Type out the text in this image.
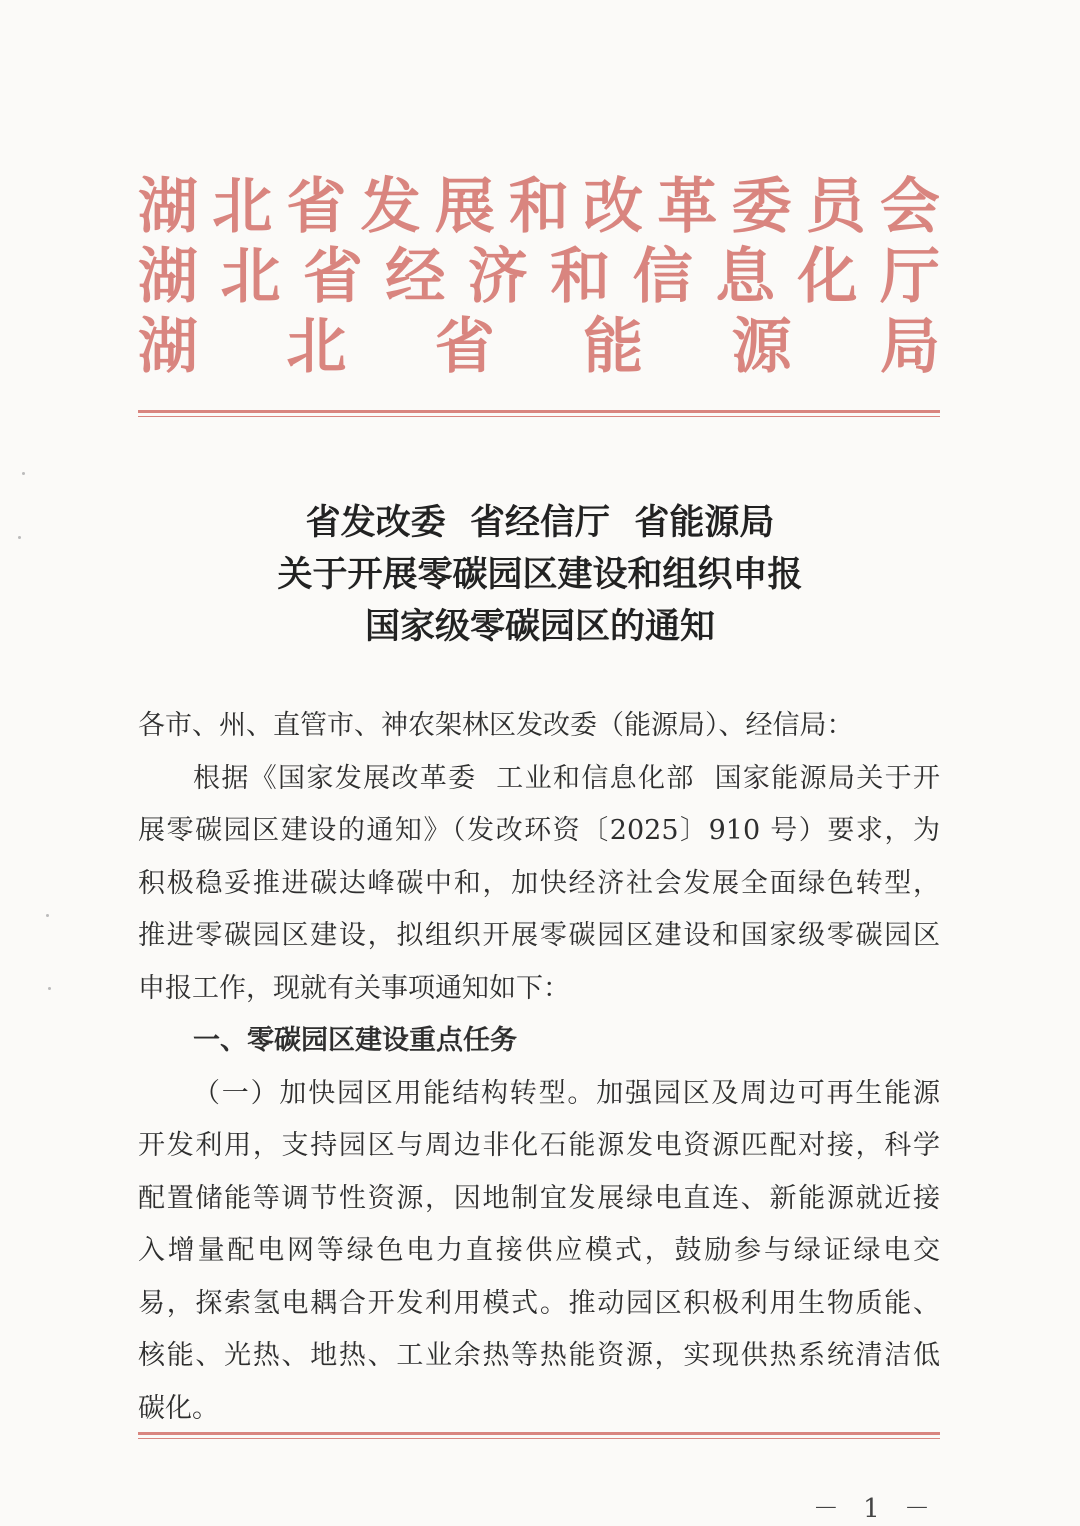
湖 北 省 发 展 和 改 革 委 员 会
湖 北 省 经 济 和 信 息 化 厅
湖 北 省 能 源 局
省发改委  省经信厅  省能源局
关于开展零碳园区建设和组织申报
国家级零碳园区的通知
各市、州、直管市、神农架林区发改委（能源局）、经信局：
根据《国家发展改革委  工业和信息化部  国家能源局关于开
展零碳园区建设的通知》（发改环资〔2025〕910 号）要求，为
积极稳妥推进碳达峰碳中和，加快经济社会发展全面绿色转型，
推进零碳园区建设，拟组织开展零碳园区建设和国家级零碳园区
申报工作，现就有关事项通知如下：
一、零碳园区建设重点任务
（一）加快园区用能结构转型。加强园区及周边可再生能源
开发利用，支持园区与周边非化石能源发电资源匹配对接，科学
配置储能等调节性资源，因地制宜发展绿电直连、新能源就近接
入增量配电网等绿色电力直接供应模式，鼓励参与绿证绿电交
易，探索氢电耦合开发利用模式。推动园区积极利用生物质能、
核能、光热、地热、工业余热等热能资源，实现供热系统清洁低
碳化。
－ 1 －
